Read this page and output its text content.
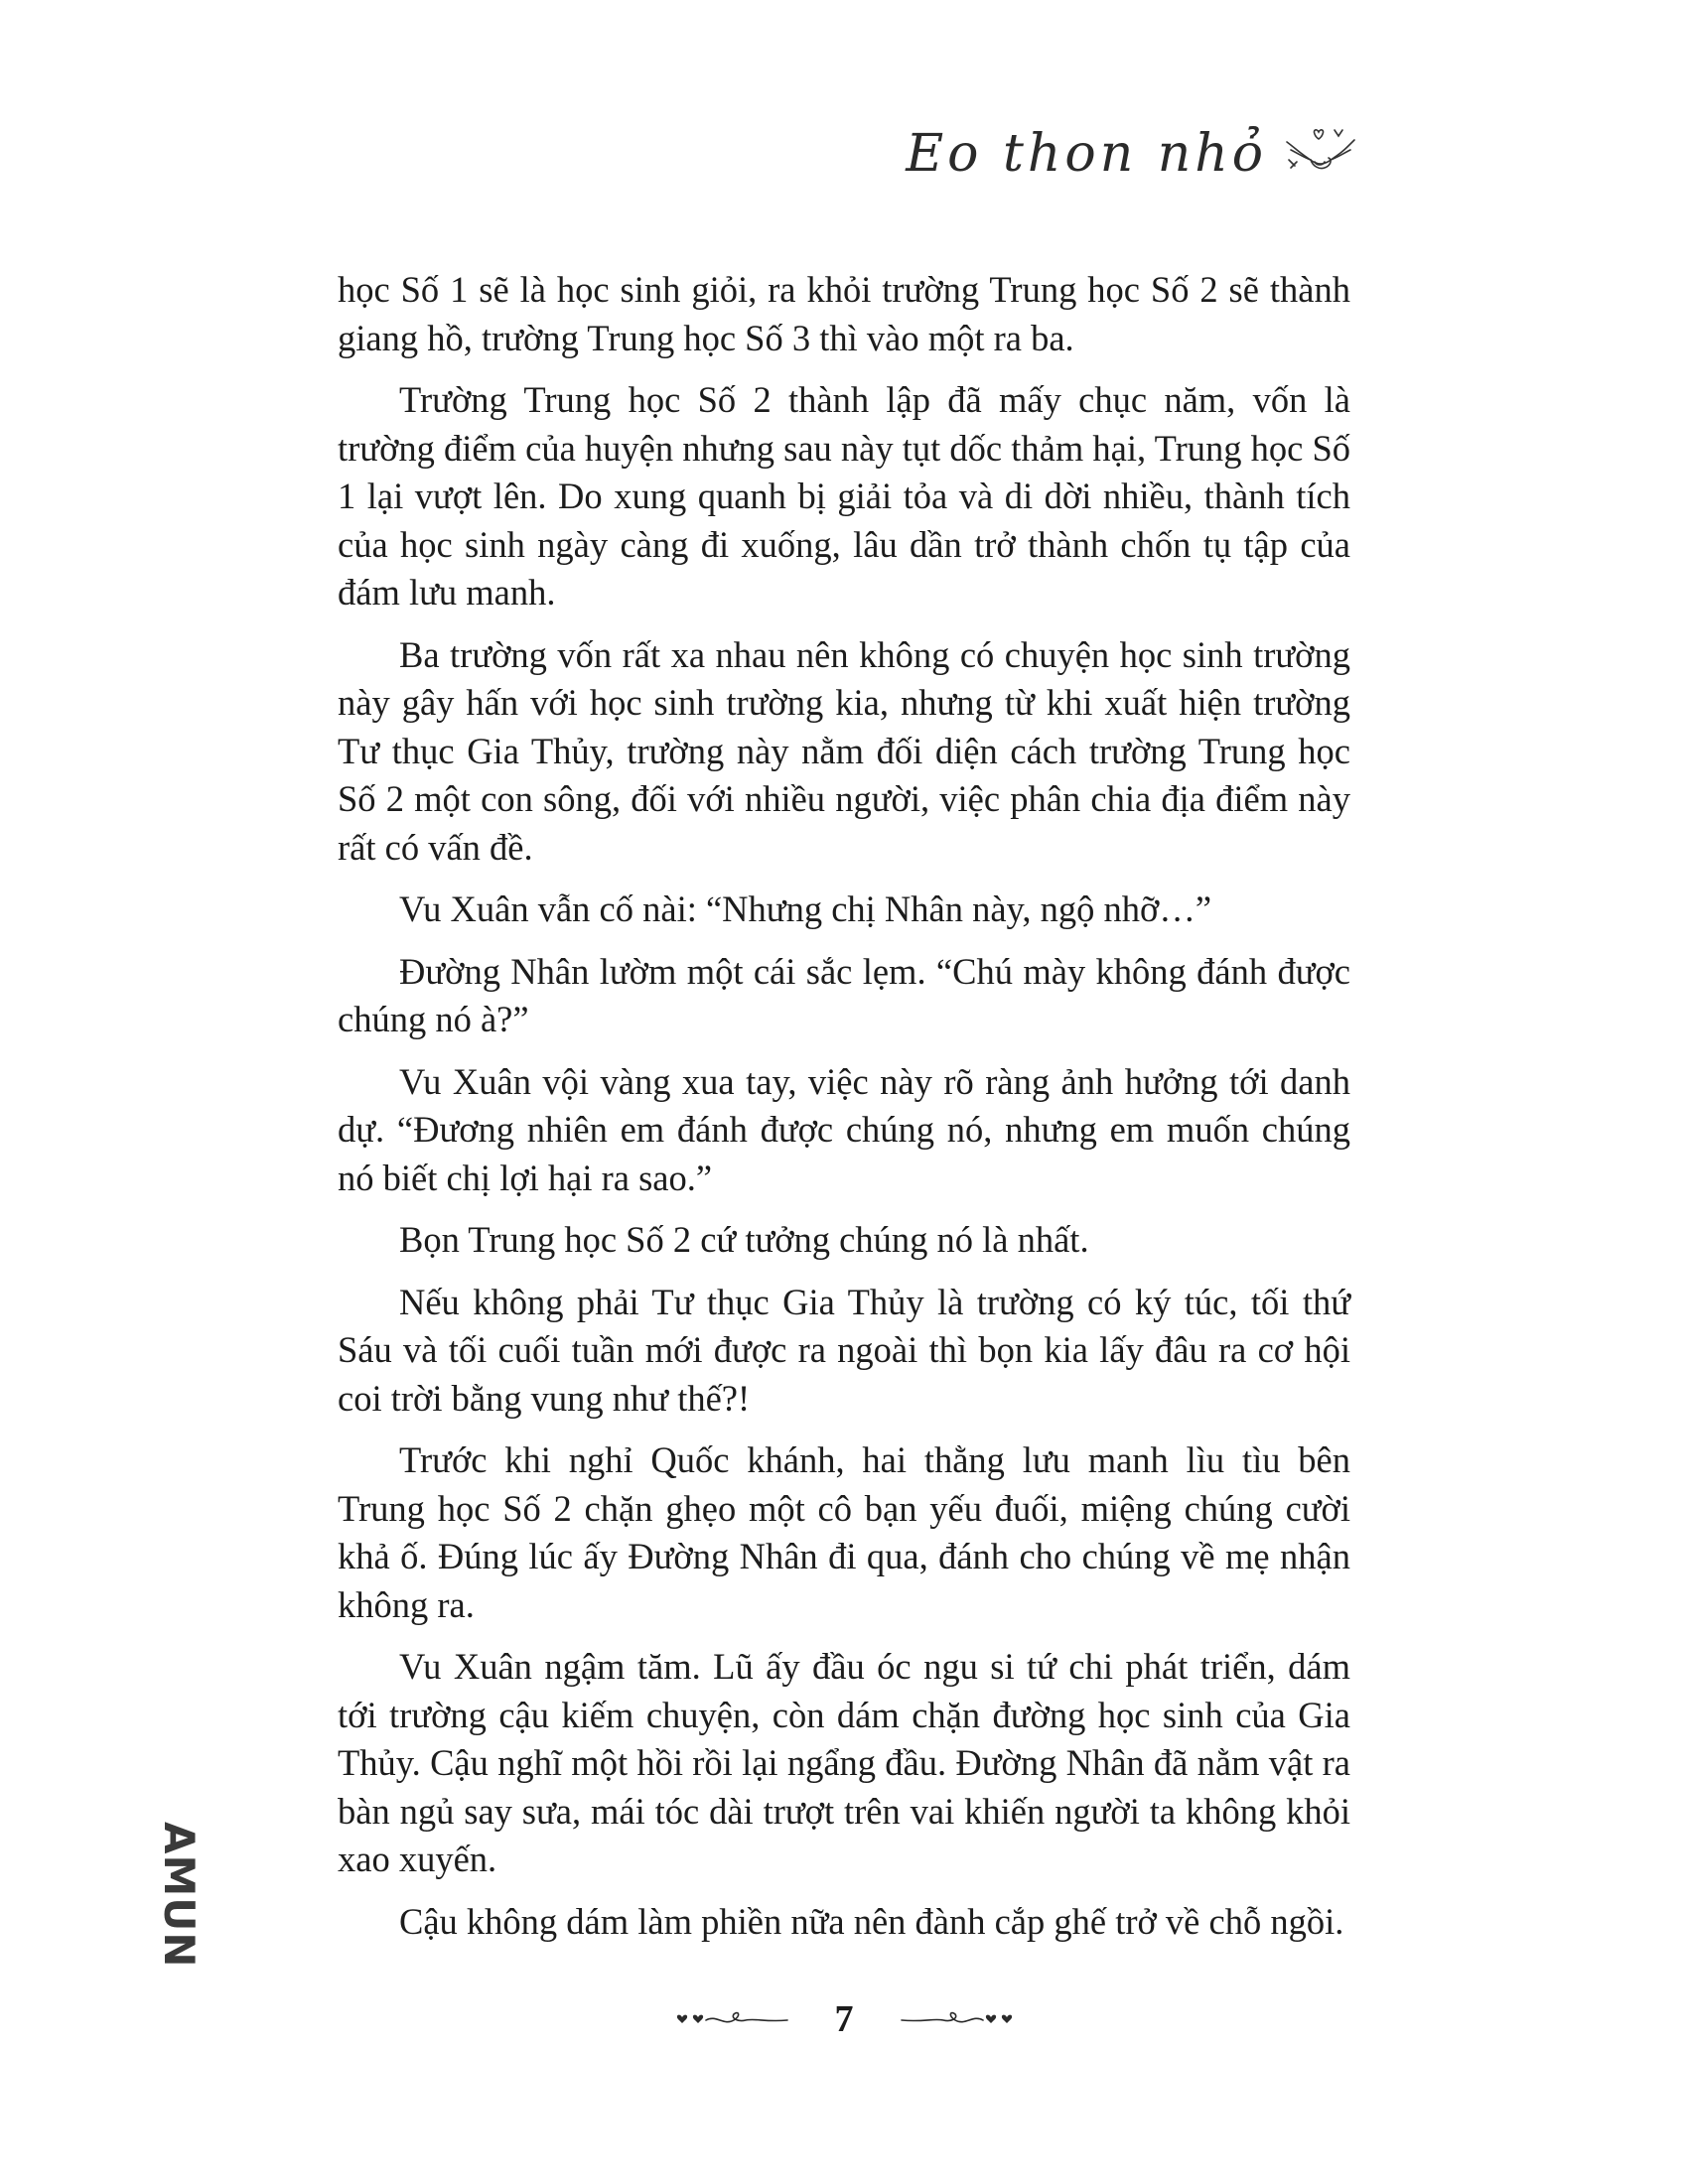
Eo thon nhỏ

học Số 1 sẽ là học sinh giỏi, ra khỏi trường Trung học Số 2 sẽ thành giang hồ, trường Trung học Số 3 thì vào một ra ba.

Trường Trung học Số 2 thành lập đã mấy chục năm, vốn là trường điểm của huyện nhưng sau này tụt dốc thảm hại, Trung học Số 1 lại vượt lên. Do xung quanh bị giải tỏa và di dời nhiều, thành tích của học sinh ngày càng đi xuống, lâu dần trở thành chốn tụ tập của đám lưu manh.

Ba trường vốn rất xa nhau nên không có chuyện học sinh trường này gây hấn với học sinh trường kia, nhưng từ khi xuất hiện trường Tư thục Gia Thủy, trường này nằm đối diện cách trường Trung học Số 2 một con sông, đối với nhiều người, việc phân chia địa điểm này rất có vấn đề.

Vu Xuân vẫn cố nài: “Nhưng chị Nhân này, ngộ nhỡ…”

Đường Nhân lườm một cái sắc lẹm. “Chú mày không đánh được chúng nó à?”

Vu Xuân vội vàng xua tay, việc này rõ ràng ảnh hưởng tới danh dự. “Đương nhiên em đánh được chúng nó, nhưng em muốn chúng nó biết chị lợi hại ra sao.”

Bọn Trung học Số 2 cứ tưởng chúng nó là nhất.

Nếu không phải Tư thục Gia Thủy là trường có ký túc, tối thứ Sáu và tối cuối tuần mới được ra ngoài thì bọn kia lấy đâu ra cơ hội coi trời bằng vung như thế?!

Trước khi nghỉ Quốc khánh, hai thằng lưu manh lìu tìu bên Trung học Số 2 chặn ghẹo một cô bạn yếu đuối, miệng chúng cười khả ố. Đúng lúc ấy Đường Nhân đi qua, đánh cho chúng về mẹ nhận không ra.

Vu Xuân ngậm tăm. Lũ ấy đầu óc ngu si tứ chi phát triển, dám tới trường cậu kiếm chuyện, còn dám chặn đường học sinh của Gia Thủy. Cậu nghĩ một hồi rồi lại ngẩng đầu. Đường Nhân đã nằm vật ra bàn ngủ say sưa, mái tóc dài trượt trên vai khiến người ta không khỏi xao xuyến.

Cậu không dám làm phiền nữa nên đành cắp ghế trở về chỗ ngồi.

AMUN
7
